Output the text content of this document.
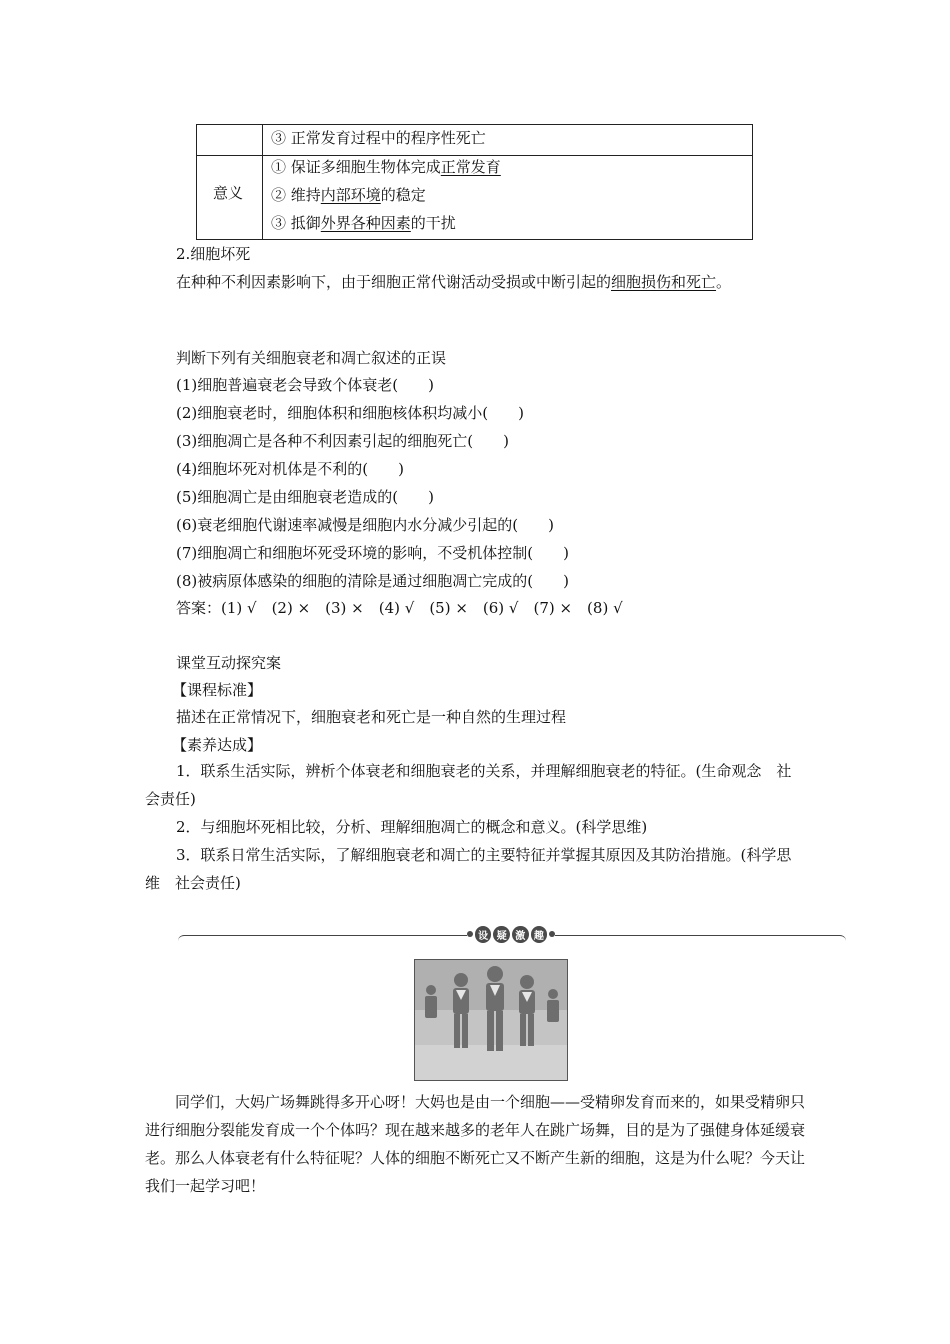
③ 正常发育过程中的程序性死亡
意义
① 保证多细胞生物体完成正常发育
② 维持内部环境的稳定
③ 抵御外界各种因素的干扰
2.细胞坏死
在种种不利因素影响下，由于细胞正常代谢活动受损或中断引起的细胞损伤和死亡。
判断下列有关细胞衰老和凋亡叙述的正误
(1)细胞普遍衰老会导致个体衰老(　　)
(2)细胞衰老时，细胞体积和细胞核体积均减小(　　)
(3)细胞凋亡是各种不利因素引起的细胞死亡(　　)
(4)细胞坏死对机体是不利的(　　)
(5)细胞凋亡是由细胞衰老造成的(　　)
(6)衰老细胞代谢速率减慢是细胞内水分减少引起的(　　)
(7)细胞凋亡和细胞坏死受环境的影响，不受机体控制(　　)
(8)被病原体感染的细胞的清除是通过细胞凋亡完成的(　　)
答案：(1) √　(2) ×　(3) ×　(4) √　(5) ×　(6) √　(7) ×　(8) √
课堂互动探究案
【课程标准】
描述在正常情况下，细胞衰老和死亡是一种自然的生理过程
【素养达成】
1．联系生活实际，辨析个体衰老和细胞衰老的关系，并理解细胞衰老的特征。(生命观念　社会责任)
2．与细胞坏死相比较，分析、理解细胞凋亡的概念和意义。(科学思维)
3．联系日常生活实际，了解细胞衰老和凋亡的主要特征并掌握其原因及其防治措施。(科学思维　社会责任)
设 疑 激 趣
同学们，大妈广场舞跳得多开心呀！大妈也是由一个细胞——受精卵发育而来的，如果受精卵只进行细胞分裂能发育成一个个体吗？现在越来越多的老年人在跳广场舞，目的是为了强健身体延缓衰老。那么人体衰老有什么特征呢？人体的细胞不断死亡又不断产生新的细胞，这是为什么呢？今天让我们一起学习吧！
